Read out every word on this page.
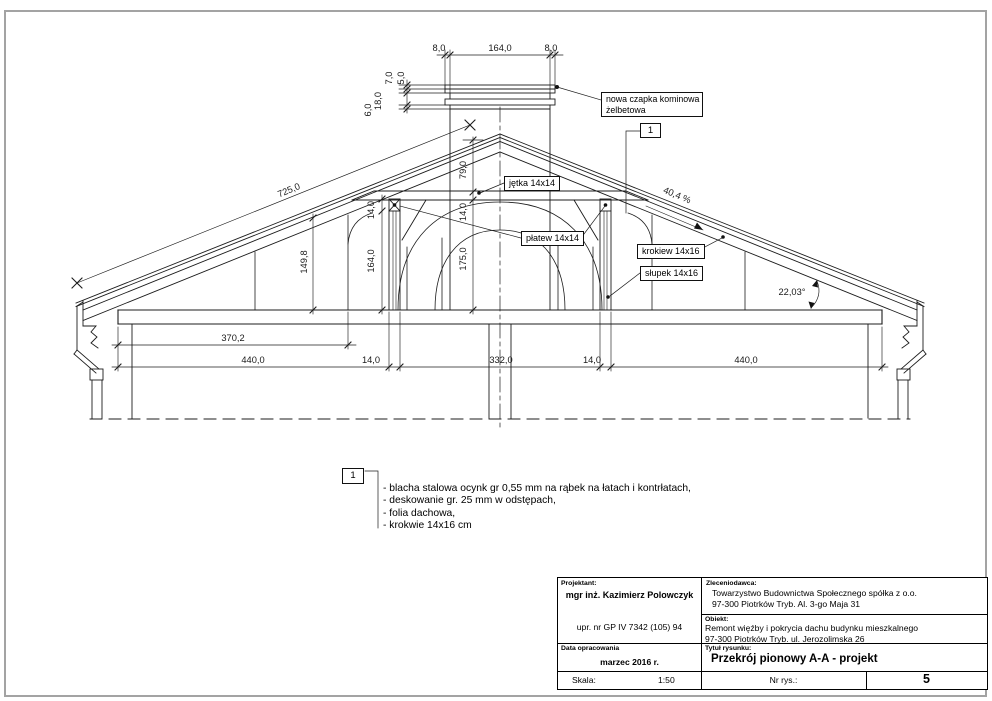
8,0	164,0	8,0
5,0
7,0
18,0
6,0
725,0	40,4 %
22,03°
79,0
14,0
175,0
14,0
164,0
149,8
370,2
440,0	14,0	332,0	14,0	440,0
nowa czapka kominowa
żelbetowa
1
jętka 14x14
płatew 14x14
krokiew 14x16
słupek 14x16
1
- blacha stalowa ocynk gr 0,55 mm na rąbek na łatach i kontrłatach,
- deskowanie gr. 25 mm w odstępach,
- folia dachowa,
- krokwie 14x16 cm
Projektant:
mgr inż. Kazimierz Polowczyk
upr. nr GP IV 7342 (105) 94
Zleceniodawca:
Towarzystwo Budownictwa Społecznego spółka z o.o.
97-300 Piotrków Tryb. Al. 3-go Maja 31
Obiekt:
Remont więźby i pokrycia dachu budynku mieszkalnego
97-300 Piotrków Tryb. ul. Jerozolimska 26
Data opracowania
marzec 2016 r.
Tytuł rysunku:
Przekrój pionowy A-A - projekt
Skala:	1:50	Nr rys.:	5
